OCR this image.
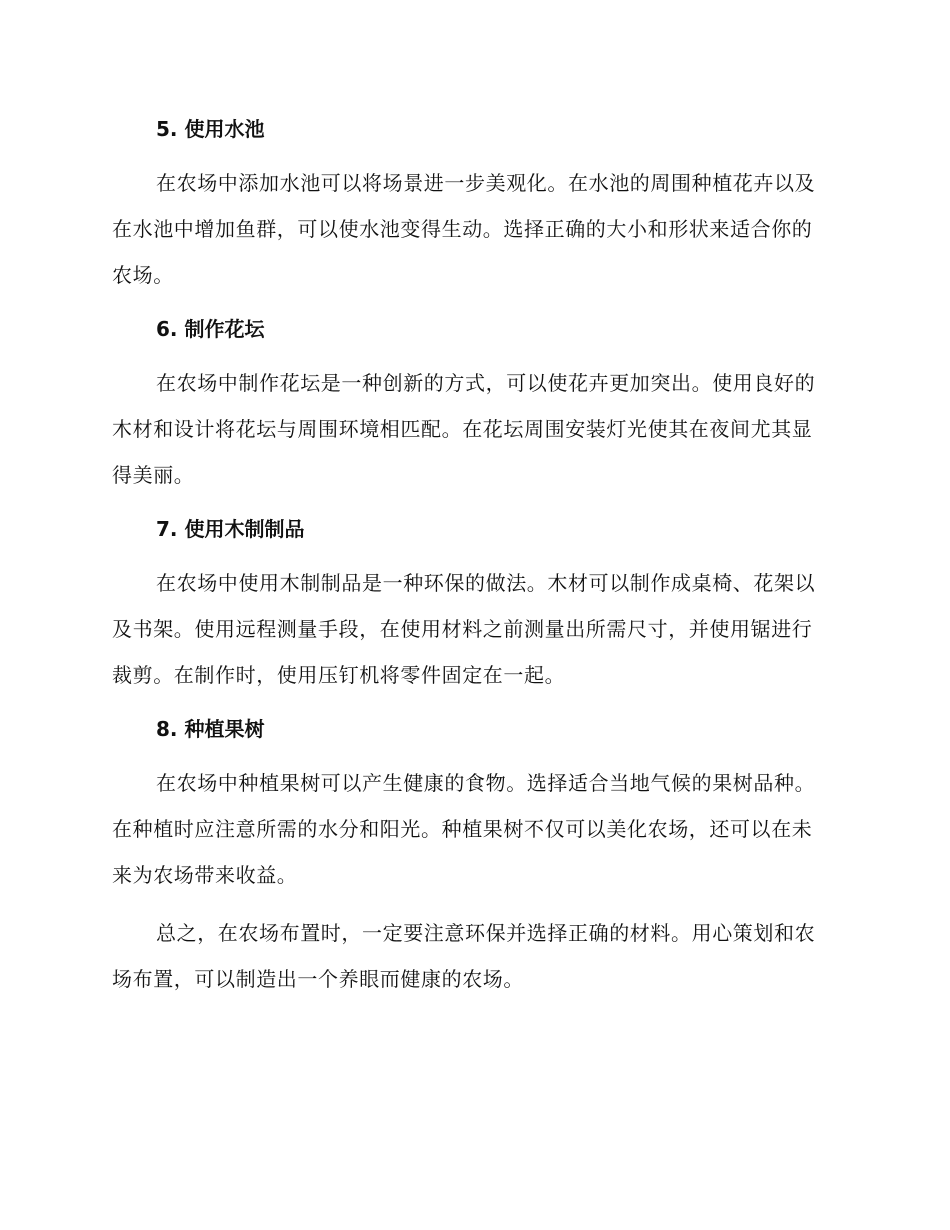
5. 使用水池

在农场中添加水池可以将场景进一步美观化。在水池的周围种植花卉以及在水池中增加鱼群，可以使水池变得生动。选择正确的大小和形状来适合你的农场。

6. 制作花坛

在农场中制作花坛是一种创新的方式，可以使花卉更加突出。使用良好的木材和设计将花坛与周围环境相匹配。在花坛周围安装灯光使其在夜间尤其显得美丽。

7. 使用木制制品

在农场中使用木制制品是一种环保的做法。木材可以制作成桌椅、花架以及书架。使用远程测量手段，在使用材料之前测量出所需尺寸，并使用锯进行裁剪。在制作时，使用压钉机将零件固定在一起。

8. 种植果树

在农场中种植果树可以产生健康的食物。选择适合当地气候的果树品种。在种植时应注意所需的水分和阳光。种植果树不仅可以美化农场，还可以在未来为农场带来收益。

总之，在农场布置时，一定要注意环保并选择正确的材料。用心策划和农场布置，可以制造出一个养眼而健康的农场。
